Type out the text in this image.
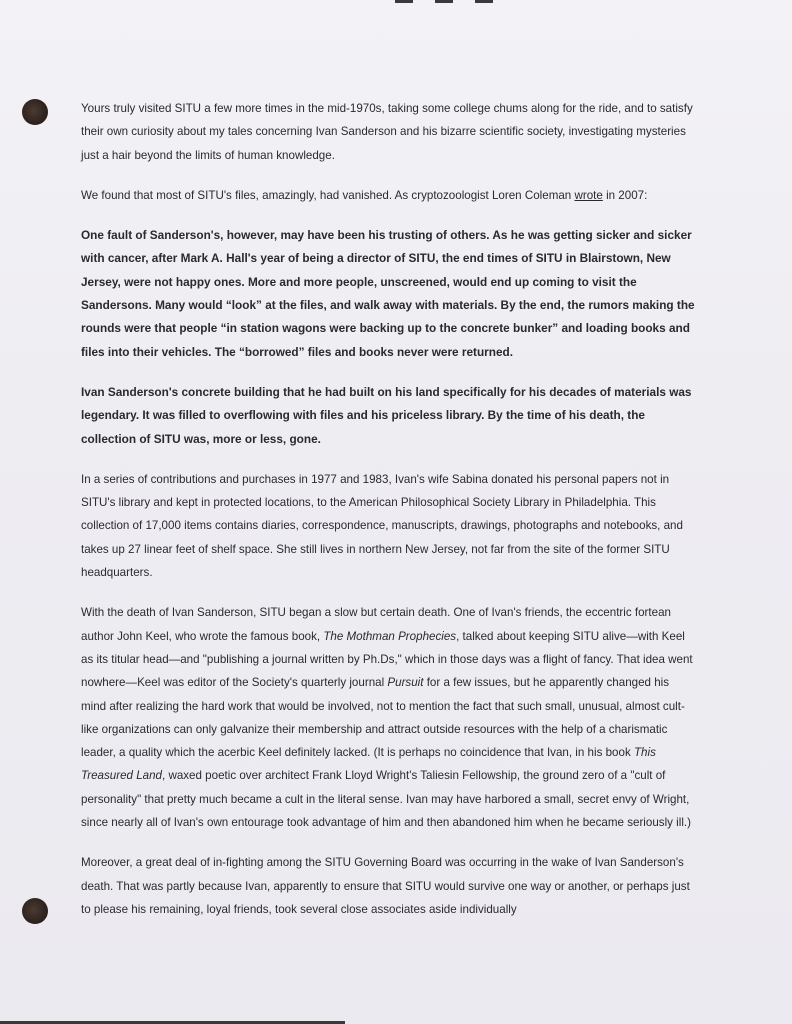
Yours truly visited SITU a few more times in the mid-1970s, taking some college chums along for the ride, and to satisfy their own curiosity about my tales concerning Ivan Sanderson and his bizarre scientific society, investigating mysteries just a hair beyond the limits of human knowledge.

We found that most of SITU's files, amazingly, had vanished. As cryptozoologist Loren Coleman wrote in 2007:

One fault of Sanderson's, however, may have been his trusting of others. As he was getting sicker and sicker with cancer, after Mark A. Hall's year of being a director of SITU, the end times of SITU in Blairstown, New Jersey, were not happy ones. More and more people, unscreened, would end up coming to visit the Sandersons. Many would “look” at the files, and walk away with materials. By the end, the rumors making the rounds were that people “in station wagons were backing up to the concrete bunker” and loading books and files into their vehicles. The “borrowed” files and books never were returned.

Ivan Sanderson's concrete building that he had built on his land specifically for his decades of materials was legendary. It was filled to overflowing with files and his priceless library. By the time of his death, the collection of SITU was, more or less, gone.

In a series of contributions and purchases in 1977 and 1983, Ivan's wife Sabina donated his personal papers not in SITU's library and kept in protected locations, to the American Philosophical Society Library in Philadelphia. This collection of 17,000 items contains diaries, correspondence, manuscripts, drawings, photographs and notebooks, and takes up 27 linear feet of shelf space. She still lives in northern New Jersey, not far from the site of the former SITU headquarters.

With the death of Ivan Sanderson, SITU began a slow but certain death. One of Ivan's friends, the eccentric fortean author John Keel, who wrote the famous book, The Mothman Prophecies, talked about keeping SITU alive—with Keel as its titular head—and "publishing a journal written by Ph.Ds," which in those days was a flight of fancy. That idea went nowhere—Keel was editor of the Society's quarterly journal Pursuit for a few issues, but he apparently changed his mind after realizing the hard work that would be involved, not to mention the fact that such small, unusual, almost cult-like organizations can only galvanize their membership and attract outside resources with the help of a charismatic leader, a quality which the acerbic Keel definitely lacked. (It is perhaps no coincidence that Ivan, in his book This Treasured Land, waxed poetic over architect Frank Lloyd Wright's Taliesin Fellowship, the ground zero of a "cult of personality" that pretty much became a cult in the literal sense. Ivan may have harbored a small, secret envy of Wright, since nearly all of Ivan's own entourage took advantage of him and then abandoned him when he became seriously ill.)

Moreover, a great deal of in-fighting among the SITU Governing Board was occurring in the wake of Ivan Sanderson's death. That was partly because Ivan, apparently to ensure that SITU would survive one way or another, or perhaps just to please his remaining, loyal friends, took several close associates aside individually
